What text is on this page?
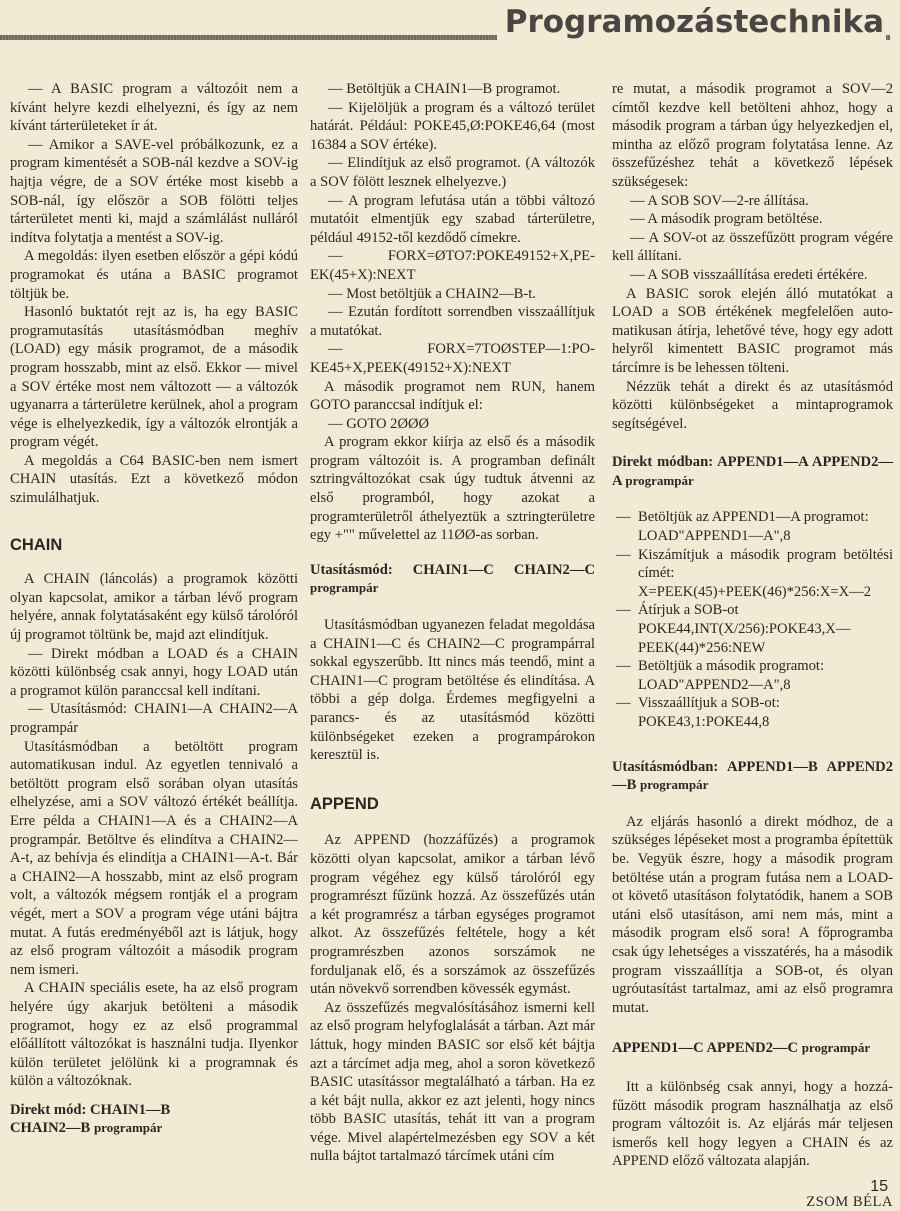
Programozástechnika

— A BASIC program a változóit nem a kívánt helyre kezdi elhelyezni, és így az nem kívánt tárterületeket ír át.

— Amikor a SAVE-vel próbálkozunk, ez a program kimentését a SOB-nál kezdve a SOV-ig hajtja végre, de a SOV értéke most kisebb a SOB-nál, így először a SOB fölötti teljes tárterületet menti ki, majd a számlálást nulláról indítva folytatja a mentést a SOV-ig.

A megoldás: ilyen esetben először a gépi kódú programokat és utána a BASIC programot töltjük be.

Hasonló buktatót rejt az is, ha egy BASIC programutasítás utasításmódban meghív (LOAD) egy másik programot, de a második program hosszabb, mint az első. Ekkor — mivel a SOV értéke most nem változott — a változók ugyanarra a tárterületre kerülnek, ahol a program vége is elhelyezkedik, így a változók elrontják a program végét.

A megoldás a C64 BASIC-ben nem ismert CHAIN utasítás. Ezt a következő módon szimulálhatjuk.

CHAIN

A CHAIN (láncolás) a programok közötti olyan kapcsolat, amikor a tárban lévő program helyére, annak folytatásaként egy külső tárolóról új programot töltünk be, majd azt elindítjuk.

— Direkt módban a LOAD és a CHAIN közötti különbség csak annyi, hogy LOAD után a programot külön paranccsal kell indítani.

— Utasításmód: CHAIN1—A CHAIN2—A programpár

Utasításmódban a betöltött program automatikusan indul. Az egyetlen tennivaló a betöltött program első sorában olyan utasítás elhelyzése, ami a SOV változó értékét beállítja. Erre példa a CHAIN1—A és a CHAIN2—A programpár. Betöltve és elindítva a CHAIN2—A-t, az behívja és elindítja a CHAIN1—A-t. Bár a CHAIN2—A hosszabb, mint az első program volt, a változók mégsem rontják el a program végét, mert a SOV a program vége utáni bájtra mutat. A futás eredményéből azt is látjuk, hogy az első program változóit a második program nem ismeri.

A CHAIN speciális esete, ha az első program helyére úgy akarjuk betölteni a második programot, hogy ez az első programmal előállított változókat is használni tudja. Ilyenkor külön területet jelölünk ki a programnak és külön a változóknak.

Direkt mód: CHAIN1—B
CHAIN2—B programpár

— Betöltjük a CHAIN1—B programot.

— Kijelöljük a program és a változó terület határát. Például: POKE45,Ø:POKE46,64 (most 16384 a SOV értéke).

— Elindítjuk az első programot. (A változók a SOV fölött lesznek elhelyezve.)

— A program lefutása után a többi változó mutatóit elmentjük egy szabad tárterületre, például 49152-től kezdődő címekre.

— FORX=ØTO7:POKE49152+X,PEEK(45+X):NEXT

— Most betöltjük a CHAIN2—B-t.

— Ezután fordított sorrendben visszaállítjuk a mutatókat.

— FORX=7TOØSTEP—1:POKE45+X,PEEK(49152+X):NEXT

A második programot nem RUN, hanem GOTO paranccsal indítjuk el:

— GOTO 2ØØØ

A program ekkor kiírja az első és a második program változóit is. A programban definált sztringváltozókat csak úgy tudtuk átvenni az első programból, hogy azokat a programterületről áthelyeztük a sztringterületre egy +"" művelettel az 11ØØ-as sorban.

Utasításmód: CHAIN1—C CHAIN2—C programpár

Utasításmódban ugyanezen feladat megoldása a CHAIN1—C és CHAIN2—C programpárral sokkal egyszerűbb. Itt nincs más teendő, mint a CHAIN1—C program betöltése és elindítása. A többi a gép dolga. Érdemes megfigyelni a parancs- és az utasításmód közötti különbségeket ezeken a programpárokon keresztül is.

APPEND

Az APPEND (hozzáfűzés) a programok közötti olyan kapcsolat, amikor a tárban lévő program végéhez egy külső tárolóról egy programrészt fűzünk hozzá. Az összefűzés után a két programrész a tárban egységes programot alkot. Az összefűzés feltétele, hogy a két programrészben azonos sorszámok ne forduljanak elő, és a sorszámok az összefűzés után növekvő sorrendben kövessék egymást.

Az összefűzés megvalósításához ismerni kell az első program helyfoglalását a tárban. Azt már láttuk, hogy minden BASIC sor első két bájtja azt a tárcímet adja meg, ahol a soron következő BASIC utasítássor megtalálható a tárban. Ha ez a két bájt nulla, akkor ez azt jelenti, hogy nincs több BASIC utasítás, tehát itt van a program vége. Mivel alapértelmezésben egy SOV a két nulla bájtot tartalmazó tárcímek utáni cím

re mutat, a második programot a SOV—2 címtől kezdve kell betölteni ahhoz, hogy a második program a tárban úgy helyezkedjen el, mintha az előző program folytatása lenne. Az összefűzéshez tehát a következő lépések szükségesek:

— A SOB SOV—2-re állítása.

— A második program betöltése.

— A SOV-ot az összefűzött program végére kell állítani.

— A SOB visszaállítása eredeti értékére.

A BASIC sorok elején álló mutatókat a LOAD a SOB értékének megfelelően automatikusan átírja, lehetővé téve, hogy egy adott helyről kimentett BASIC programot más tárcímre is be lehessen tölteni.

Nézzük tehát a direkt és az utasításmód közötti különbségeket a mintaprogramok segítségével.

Direkt módban: APPEND1—A APPEND2—A programpár
— Betöltjük az APPEND1—A programot:
LOAD"APPEND1—A",8
— Kiszámítjuk a második program betöltési címét:
X=PEEK(45)+PEEK(46)*256:X=X—2
— Átírjuk a SOB-ot
POKE44,INT(X/256):POKE43,X—PEEK(44)*256:NEW
— Betöltjük a második programot:
LOAD"APPEND2—A",8
— Visszaállítjuk a SOB-ot:
POKE43,1:POKE44,8
Utasításmódban: APPEND1—B APPEND2—B programpár

Az eljárás hasonló a direkt módhoz, de a szükséges lépéseket most a programba építettük be. Vegyük észre, hogy a második program betöltése után a program futása nem a LOAD-ot követő utasításon folytatódik, hanem a SOB utáni első utasításon, ami nem más, mint a második program első sora! A főprogramba csak úgy lehetséges a visszatérés, ha a második program visszaállítja a SOB-ot, és olyan ugróutasítást tartalmaz, ami az első programra mutat.

APPEND1—C APPEND2—C programpár

Itt a különbség csak annyi, hogy a hozzáfűzött második program használhatja az első program változóit is. Az eljárás már teljesen ismerős kell hogy legyen a CHAIN és az APPEND előző változata alapján.

ZSOM BÉLA

15
